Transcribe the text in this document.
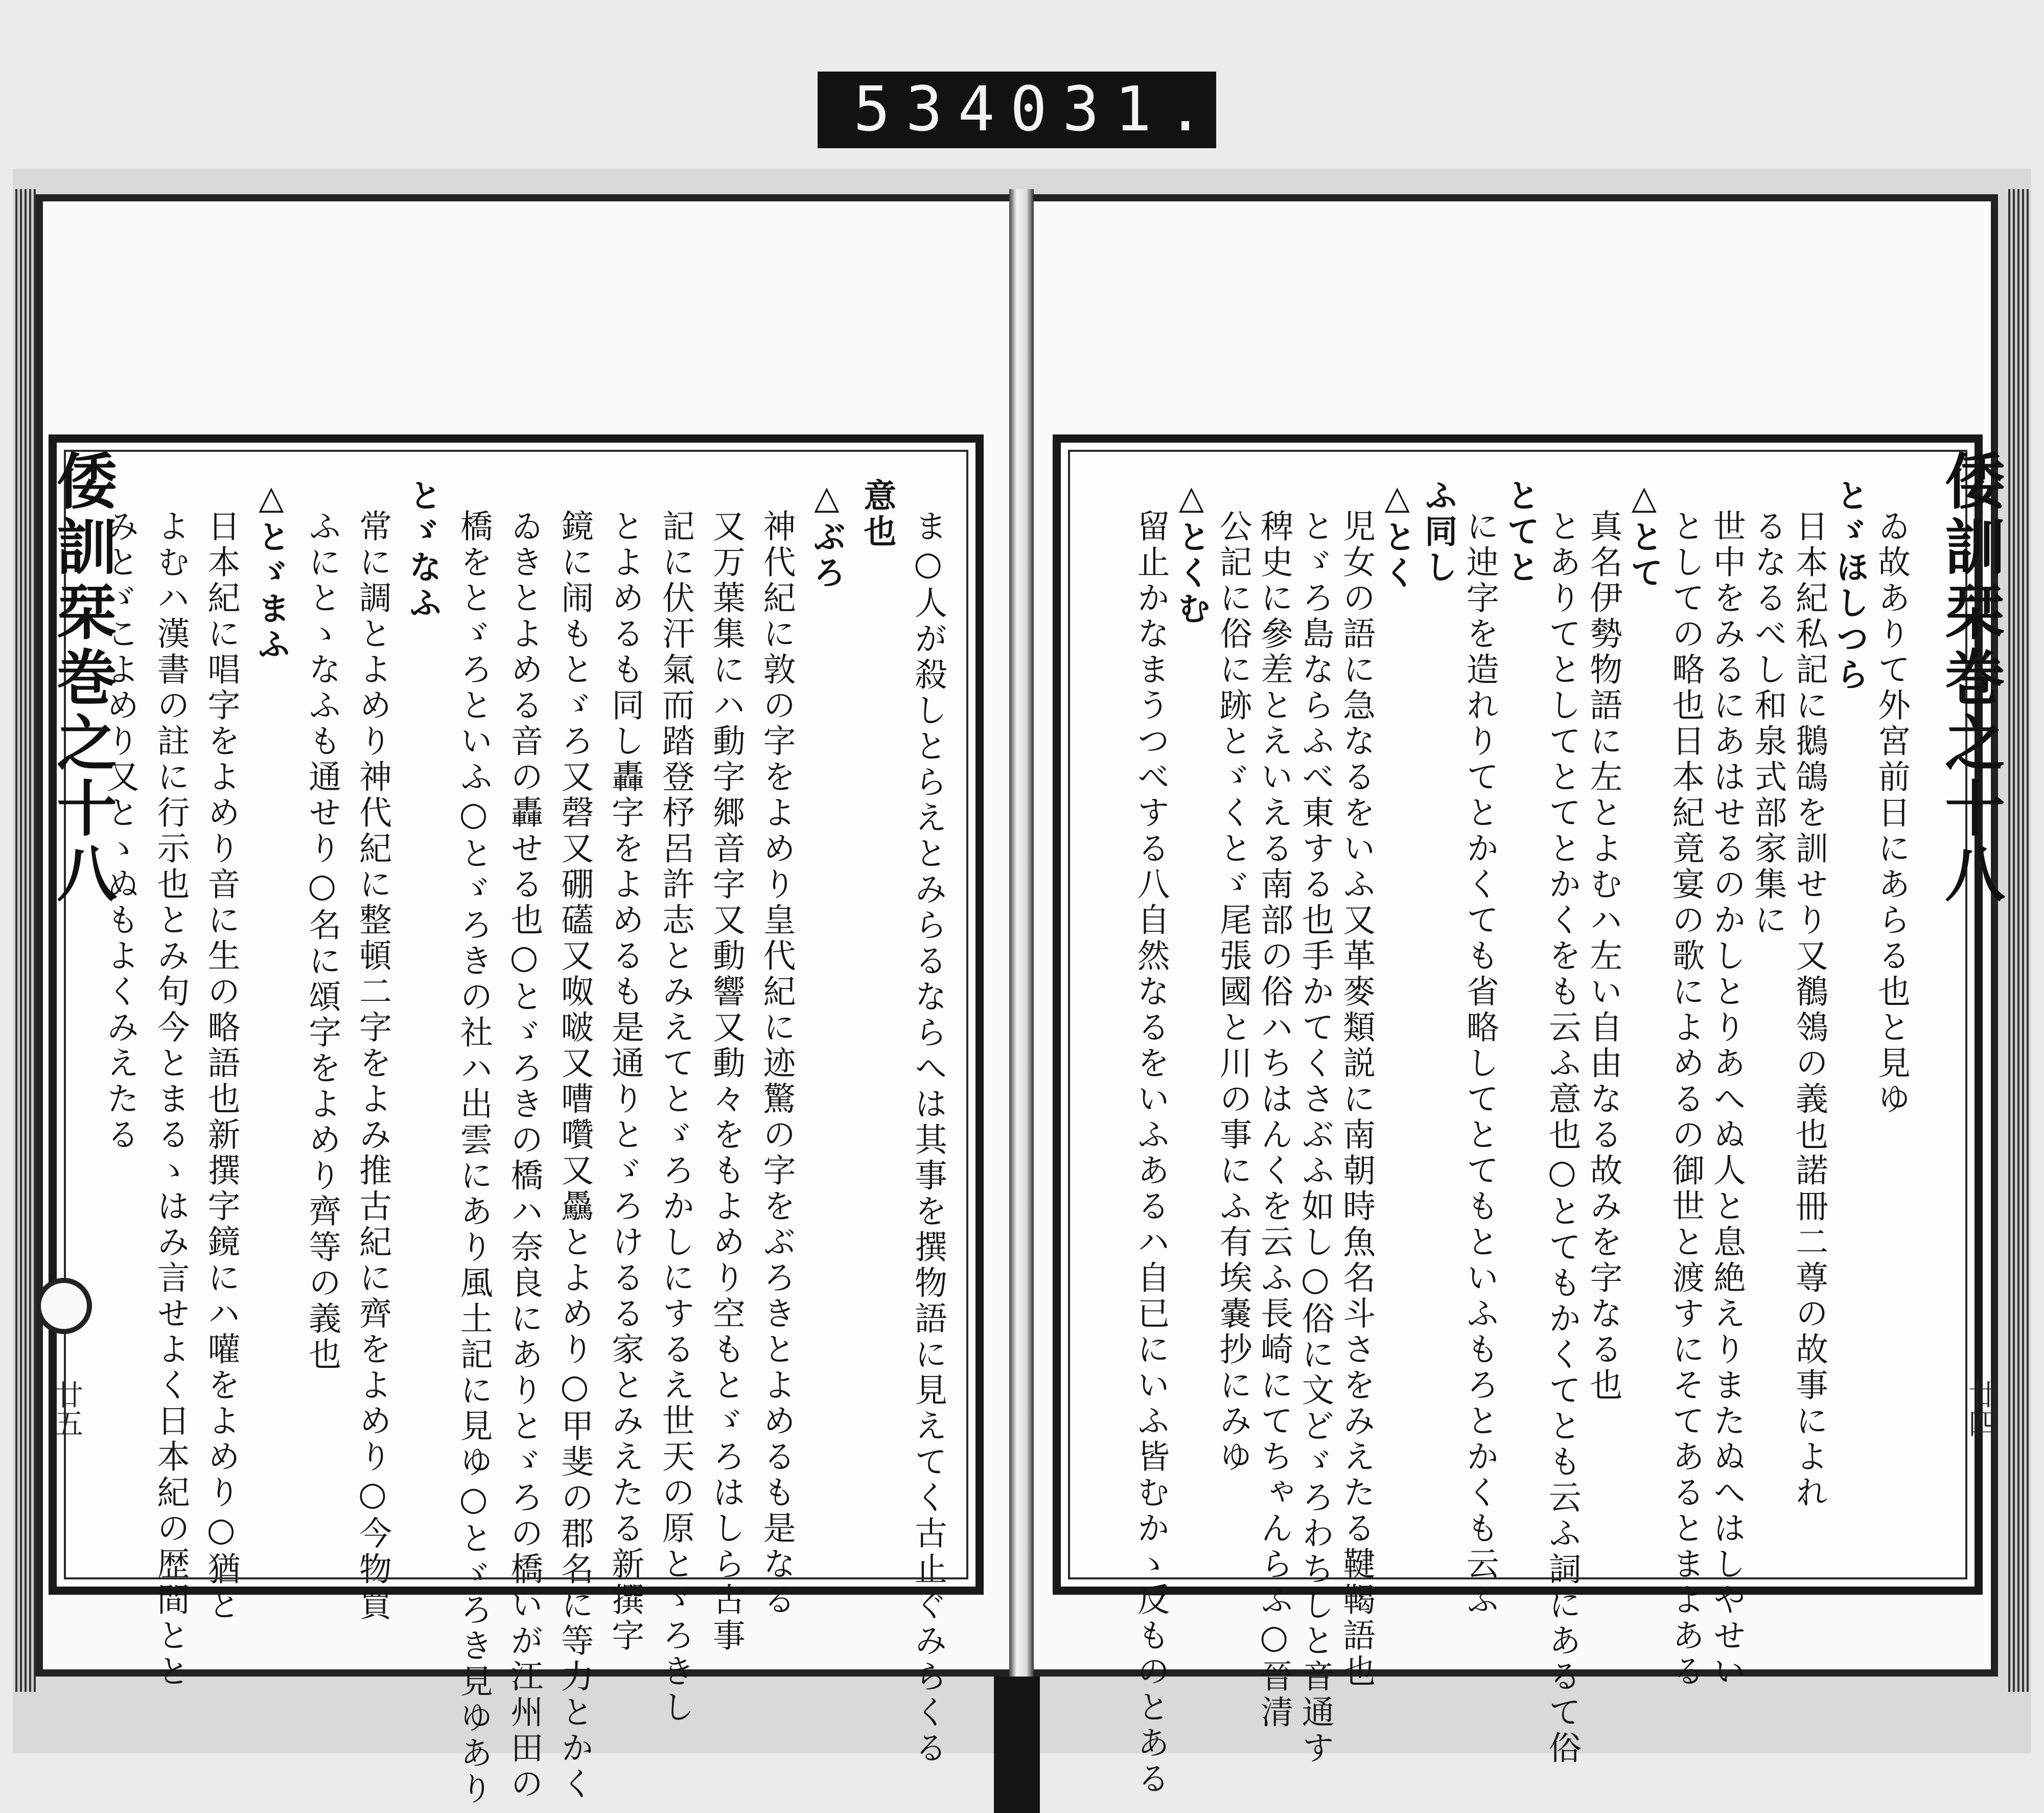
534 031.
ま○人が殺しとらえとみらるならへは其事を撰物語に見えてく古止ぐみらくる
意也
△ぶろ
神代紀に敦の字をよめり皇代紀に迹驚の字をぶろきとよめるも是なる
又万葉集にハ動字郷音字又動響又動々をもよめり空もとゞろはしら古事
記に伏汗氣而踏登杼呂許志とみえてとゞろかしにするえ世天の原とゞろきし
とよめるも同し轟字をよめるも是通りとゞろけるる家とみえたる新撰字
鏡に闹もとゞろ又磬又硼礚又呶啵又嘈囋又驫とよめり○甲斐の郡名に等力とかく
ゐきとよめる音の轟せる也○とゞろきの橋ハ奈良にありとゞろの橋いが江州田の
橋をとゞろといふ○とゞろきの社ハ出雲にあり風土記に見ゆ○とゞろき見ゆあり
とゞなふ
常に調とよめり神代紀に整頓二字をよみ推古紀に齊をよめり○今物買
ふにとゝなふも通せり○名に頌字をよめり齊等の義也
△とゞまふ
日本紀に唱字をよめり音に生の略語也新撰字鏡にハ嚾をよめり○猶と
よむハ漢書の註に行示也とみ句今とまるゝはみ言せよく日本紀の歴間とと
みとゞこよめり又とゝぬもよくみえたる
倭訓栞巻之十八
廿五
ゐ故ありて外宮前日にあらる也と見ゆ
とゞほしつら
日本紀私記に鵝鴿を訓せり又鶺鴒の義也諾冊二尊の故事によれ
るなるべし和泉式部家集に
世中をみるにあはせるのかしとりあへぬ人と息絶えりまたぬへはしやせい
としての略也日本紀竟宴の歌によめるの御世と渡すにそてあるとまよある
△とて
真名伊勢物語に左とよむハ左い自由なる故みを字なる也
とありてとしてとてとかくをも云ふ意也○とてもかくてとも云ふ詞にあるて俗
とてと
に迚字を造れりてとかくても省略してとてもといふもろとかくも云ふ
ふ同し
△とく
児女の語に急なるをいふ又革麥類説に南朝時魚名斗さをみえたる鞬鞨語也
とゞろ島ならふべ東する也手かてくさぶふ如し○俗に文どゞろわちしと音通す
稗史に參差とえいえる南部の俗ハちはんくを云ふ長崎にてちゃんらふ○晉清
公記に俗に跡とゞくとゞ尾張國と川の事にふ有埃嚢抄にみゆ
△とくむ
留止かなまうつべする八自然なるをいふあるハ自已にいふ皆むかゝ反ものとある	倭訓栞巻之十八
廿四
